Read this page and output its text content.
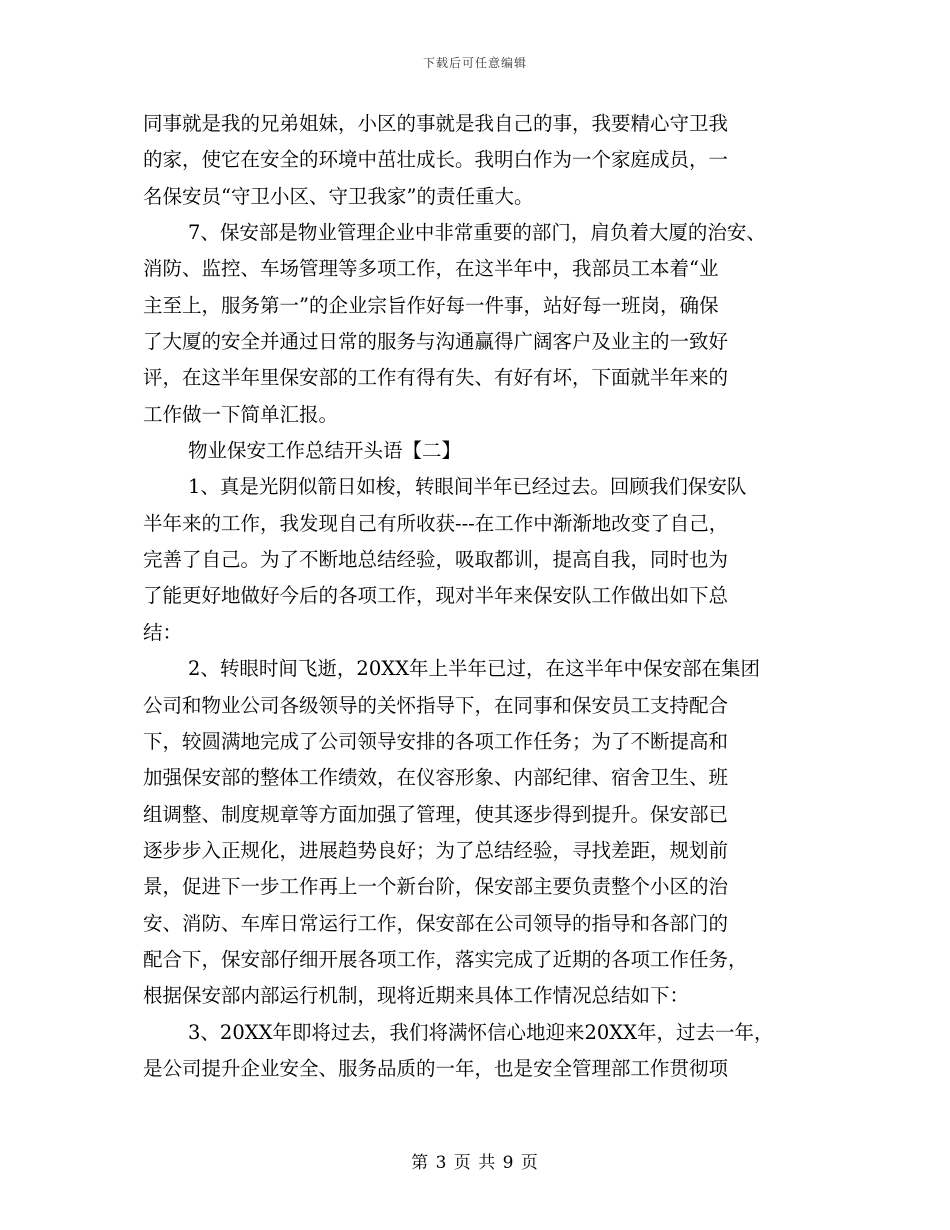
下载后可任意编辑
同事就是我的兄弟姐妹，小区的事就是我自己的事，我要精心守卫我
的家，使它在安全的环境中茁壮成长。我明白作为一个家庭成员，一
名保安员“守卫小区、守卫我家”的责任重大。
7、保安部是物业管理企业中非常重要的部门，肩负着大厦的治安、
消防、监控、车场管理等多项工作，在这半年中，我部员工本着“业
主至上，服务第一”的企业宗旨作好每一件事，站好每一班岗，确保
了大厦的安全并通过日常的服务与沟通赢得广阔客户及业主的一致好
评，在这半年里保安部的工作有得有失、有好有坏，下面就半年来的
工作做一下简单汇报。
物业保安工作总结开头语【二】
1、真是光阴似箭日如梭，转眼间半年已经过去。回顾我们保安队
半年来的工作，我发现自己有所收获---在工作中渐渐地改变了自己，
完善了自己。为了不断地总结经验，吸取都训，提高自我，同时也为
了能更好地做好今后的各项工作，现对半年来保安队工作做出如下总
结：
2、转眼时间飞逝，20XX年上半年已过，在这半年中保安部在集团
公司和物业公司各级领导的关怀指导下，在同事和保安员工支持配合
下，较圆满地完成了公司领导安排的各项工作任务；为了不断提高和
加强保安部的整体工作绩效，在仪容形象、内部纪律、宿舍卫生、班
组调整、制度规章等方面加强了管理，使其逐步得到提升。保安部已
逐步步入正规化，进展趋势良好；为了总结经验，寻找差距，规划前
景，促进下一步工作再上一个新台阶，保安部主要负责整个小区的治
安、消防、车库日常运行工作，保安部在公司领导的指导和各部门的
配合下，保安部仔细开展各项工作，落实完成了近期的各项工作任务，
根据保安部内部运行机制，现将近期来具体工作情况总结如下：
3、20XX年即将过去，我们将满怀信心地迎来20XX年，过去一年，
是公司提升企业安全、服务品质的一年，也是安全管理部工作贯彻项
第 3 页 共 9 页
